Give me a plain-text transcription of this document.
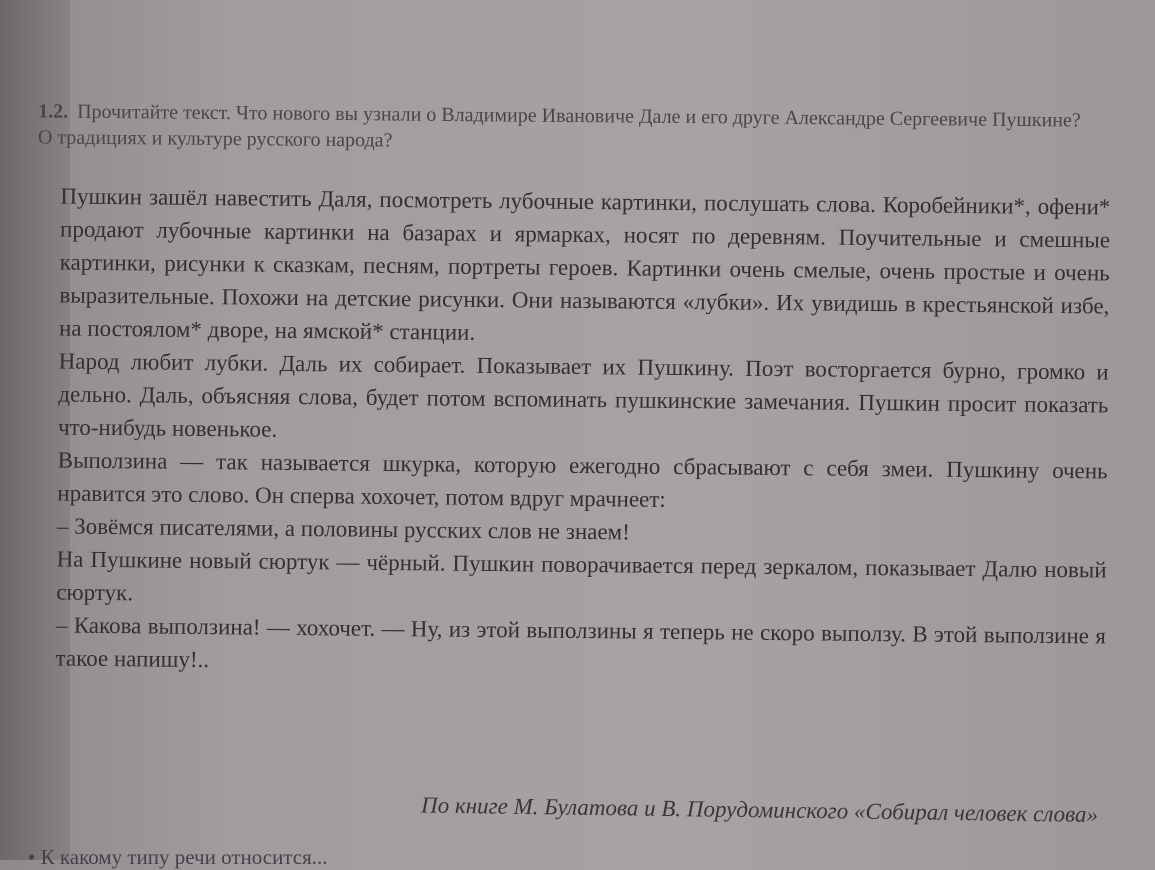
1.2. Прочитайте текст. Что нового вы узнали о Владимире Ивановиче Дале и его друге Александре Сергеевиче Пушкине? О традициях и культуре русского народа?

Пушкин зашёл навестить Даля, посмотреть лубочные картинки, послушать слова. Коробейники*, офени* продают лубочные картинки на базарах и ярмарках, носят по деревням. Поучительные и смешные картинки, рисунки к сказкам, песням, портреты героев. Картинки очень смелые, очень простые и очень выразительные. Похожи на детские рисунки. Они называются «лубки». Их увидишь в крестьянской избе, на постоялом* дворе, на ямской* станции.

Народ любит лубки. Даль их собирает. Показывает их Пушкину. Поэт восторгается бурно, громко и дельно. Даль, объясняя слова, будет потом вспоминать пушкинские замечания. Пушкин просит показать что-нибудь новенькое.

Выползина — так называется шкурка, которую ежегодно сбрасывают с себя змеи. Пушкину очень нравится это слово. Он сперва хохочет, потом вдруг мрачнеет:

– Зовёмся писателями, а половины русских слов не знаем!

На Пушкине новый сюртук — чёрный. Пушкин поворачивается перед зеркалом, показывает Далю новый сюртук.

– Какова выползина! — хохочет. — Ну, из этой выползины я теперь не скоро выползу. В этой выползине я такое напишу!..

По книге М. Булатова и В. Порудоминского «Собирал человек слова»
• К какому типу речи относится...
